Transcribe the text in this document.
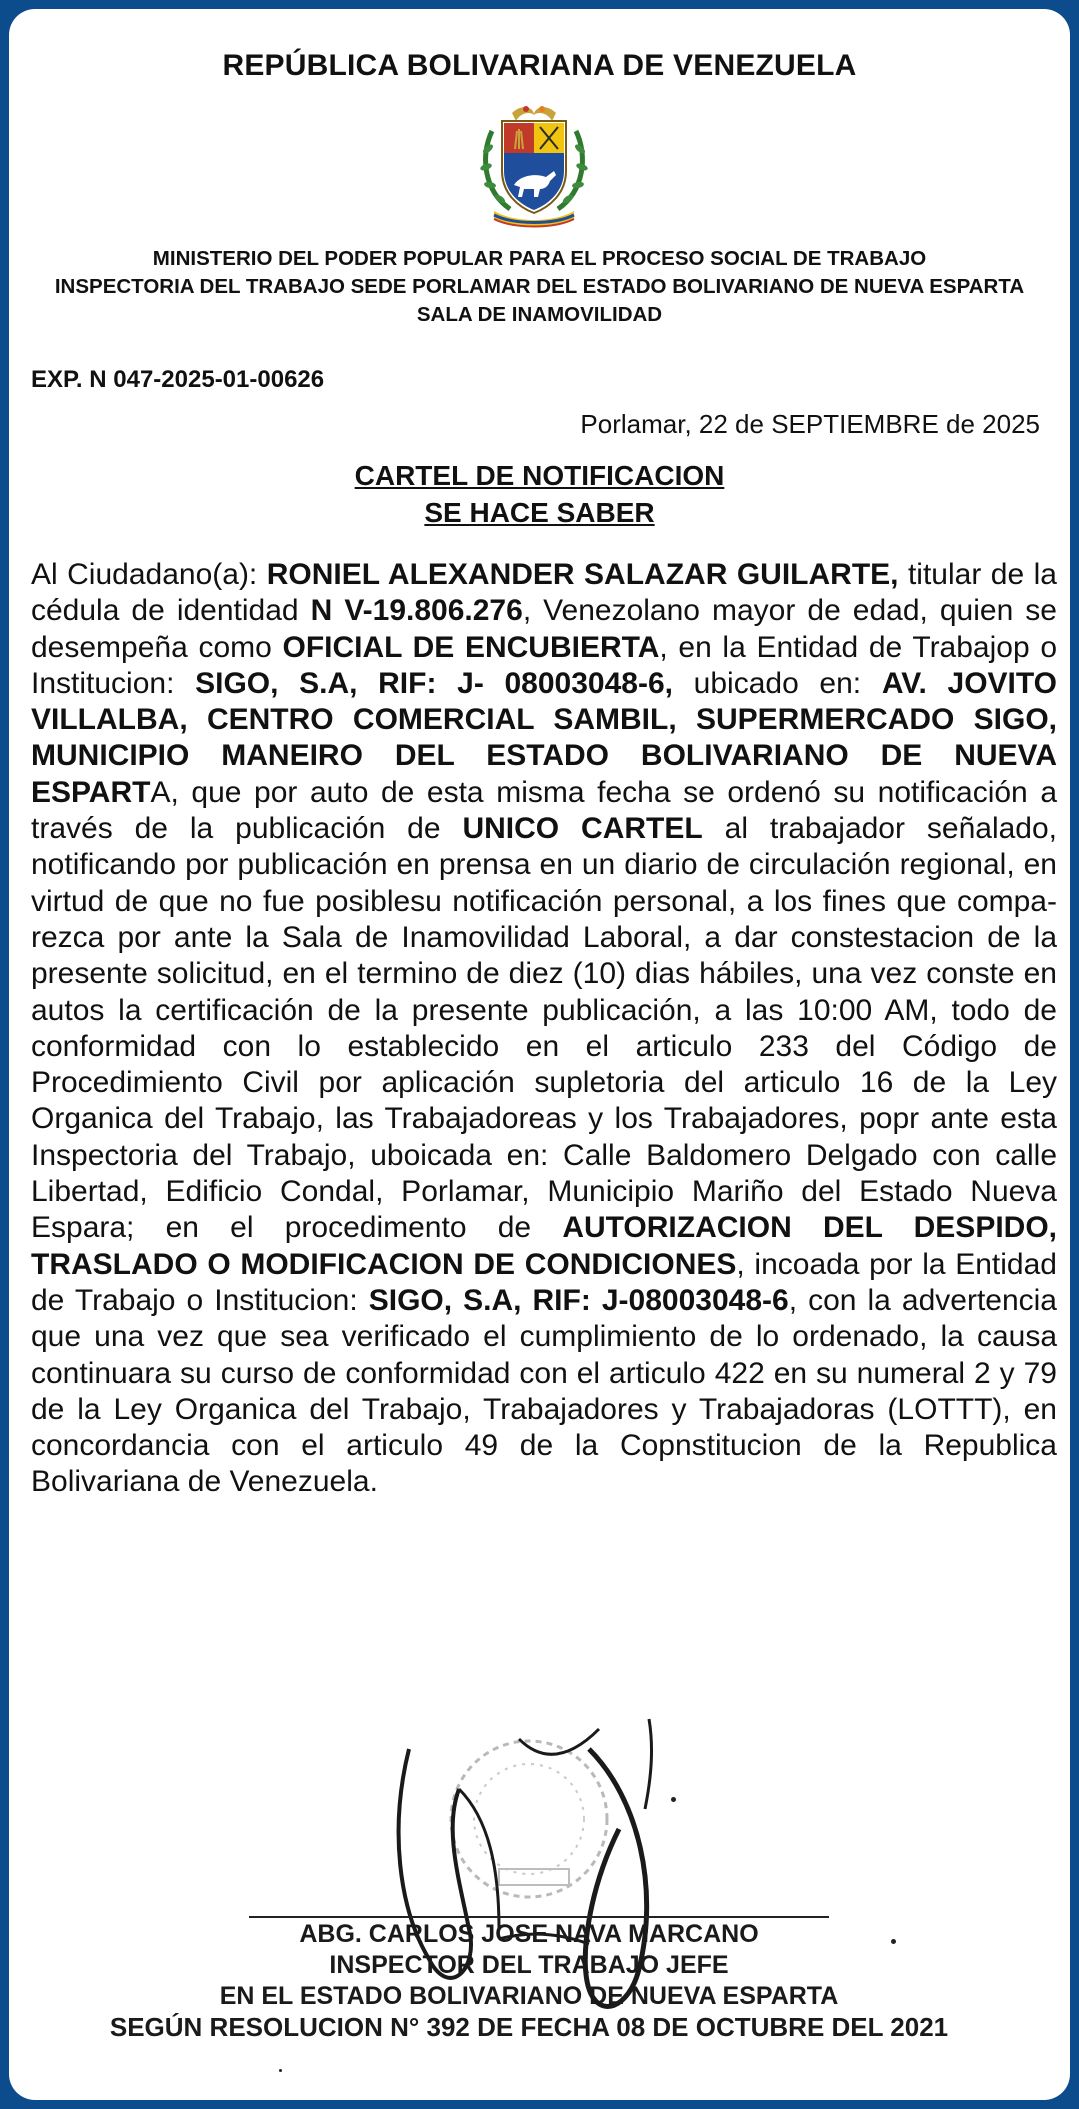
REPÚBLICA BOLIVARIANA DE VENEZUELA
MINISTERIO DEL PODER POPULAR PARA EL PROCESO SOCIAL DE TRABAJO
INSPECTORIA DEL TRABAJO SEDE PORLAMAR DEL ESTADO BOLIVARIANO DE NUEVA ESPARTA
SALA DE INAMOVILIDAD
EXP. N 047-2025-01-00626
Porlamar, 22 de SEPTIEMBRE de 2025
CARTEL DE NOTIFICACION
SE HACE SABER
Al Ciudadano(a): RONIEL ALEXANDER SALAZAR GUILARTE, titular de la cédula de identidad N V-19.806.276, Venezolano mayor de edad, quien se desempeña como OFICIAL DE ENCUBIERTA, en la Entidad de Trabajop o Institucion: SIGO, S.A, RIF: J- 08003048-6, ubicado en: AV. JOVITO VILLALBA, CENTRO COMERCIAL SAMBIL, SUPERMERCADO SIGO, MUNICIPIO MANEIRO DEL ESTADO BOLIVARIANO DE NUEVA ESPARTA, que por auto de esta misma fecha se ordenó su notificación a través de la publicación de UNICO CARTEL al trabajador señalado, notificando por publicación en prensa en un diario de circulación regional, en virtud de que no fue posiblesu notificación personal, a los fines que comparezca por ante la Sala de Inamovilidad Laboral, a dar constestacion de la presente solicitud, en el termino de diez (10) dias hábiles, una vez conste en autos la certificación de la presente publicación, a las 10:00 AM, todo de conformidad con lo establecido en el articulo 233 del Código de Procedimiento Civil por aplicación supletoria del articulo 16 de la Ley Organica del Trabajo, las Trabajadoreas y los Trabajadores, popr ante esta Inspectoria del Trabajo, uboicada en: Calle Baldomero Delgado con calle Libertad, Edificio Condal, Porlamar, Municipio Mariño del Estado Nueva Espara; en el procedimento de AUTORIZACION DEL DESPIDO, TRASLADO O MODIFICACION DE CONDICIONES, incoada por la Entidad de Trabajo o Institucion: SIGO, S.A, RIF: J-08003048-6, con la advertencia que una vez que sea verificado el cumplimiento de lo ordenado, la causa continuara su curso de conformidad con el articulo 422 en su numeral 2 y 79 de la Ley Organica del Trabajo, Trabajadores y Trabajadoras (LOTTT), en concordancia con el articulo 49 de la Copnstitucion de la Republica Bolivariana de Venezuela.
ABG. CARLOS JOSE NAVA MARCANO
INSPECTOR DEL TRABAJO JEFE
EN EL ESTADO BOLIVARIANO DE NUEVA ESPARTA
SEGÚN RESOLUCION N° 392 DE FECHA 08 DE OCTUBRE DEL 2021
